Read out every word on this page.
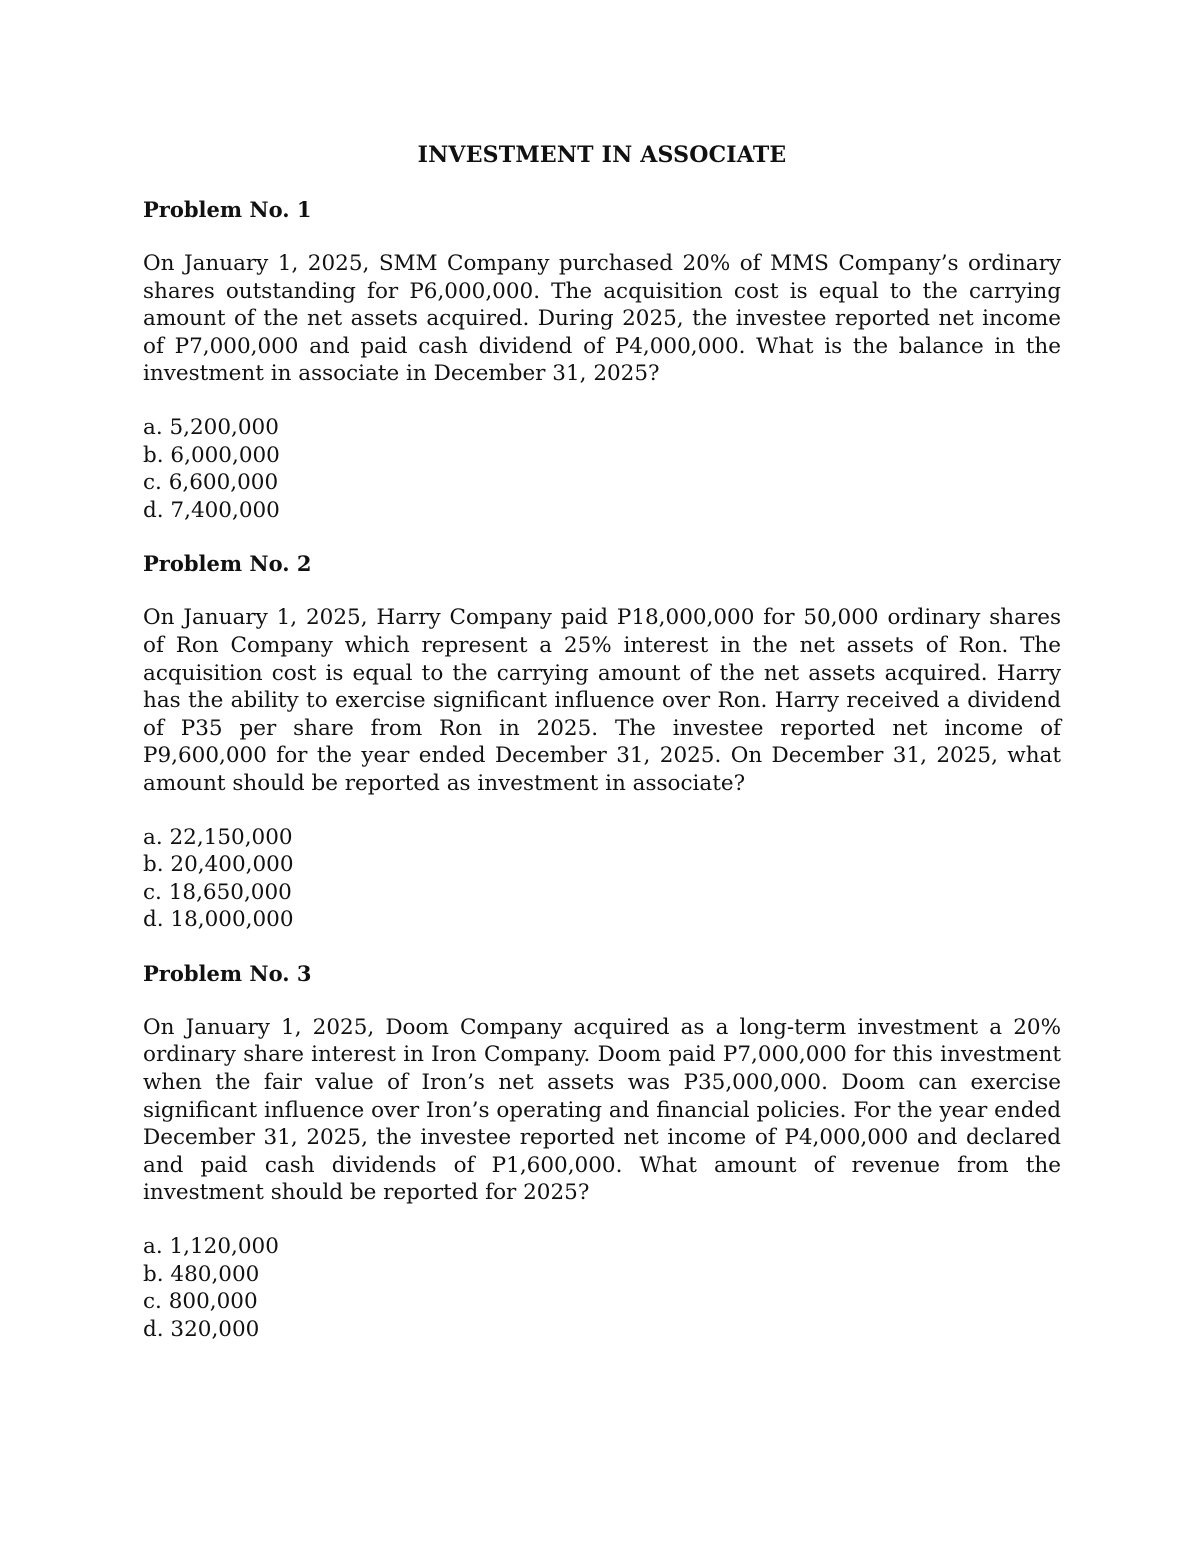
INVESTMENT IN ASSOCIATE
Problem No. 1

On January 1, 2025, SMM Company purchased 20% of MMS Company’s ordinary shares outstanding for P6,000,000. The acquisition cost is equal to the carrying amount of the net assets acquired. During 2025, the investee reported net income of P7,000,000 and paid cash dividend of P4,000,000. What is the balance in the investment in associate in December 31, 2025?

a. 5,200,000
b. 6,000,000
c. 6,600,000
d. 7,400,000
Problem No. 2

On January 1, 2025, Harry Company paid P18,000,000 for 50,000 ordinary shares of Ron Company which represent a 25% interest in the net assets of Ron. The acquisition cost is equal to the carrying amount of the net assets acquired. Harry has the ability to exercise significant influence over Ron. Harry received a dividend of P35 per share from Ron in 2025. The investee reported net income of P9,600,000 for the year ended December 31, 2025. On December 31, 2025, what amount should be reported as investment in associate?

a. 22,150,000
b. 20,400,000
c. 18,650,000
d. 18,000,000
Problem No. 3

On January 1, 2025, Doom Company acquired as a long-term investment a 20% ordinary share interest in Iron Company. Doom paid P7,000,000 for this investment when the fair value of Iron’s net assets was P35,000,000. Doom can exercise significant influence over Iron’s operating and financial policies. For the year ended December 31, 2025, the investee reported net income of P4,000,000 and declared and paid cash dividends of P1,600,000. What amount of revenue from the investment should be reported for 2025?

a. 1,120,000
b. 480,000
c. 800,000
d. 320,000
